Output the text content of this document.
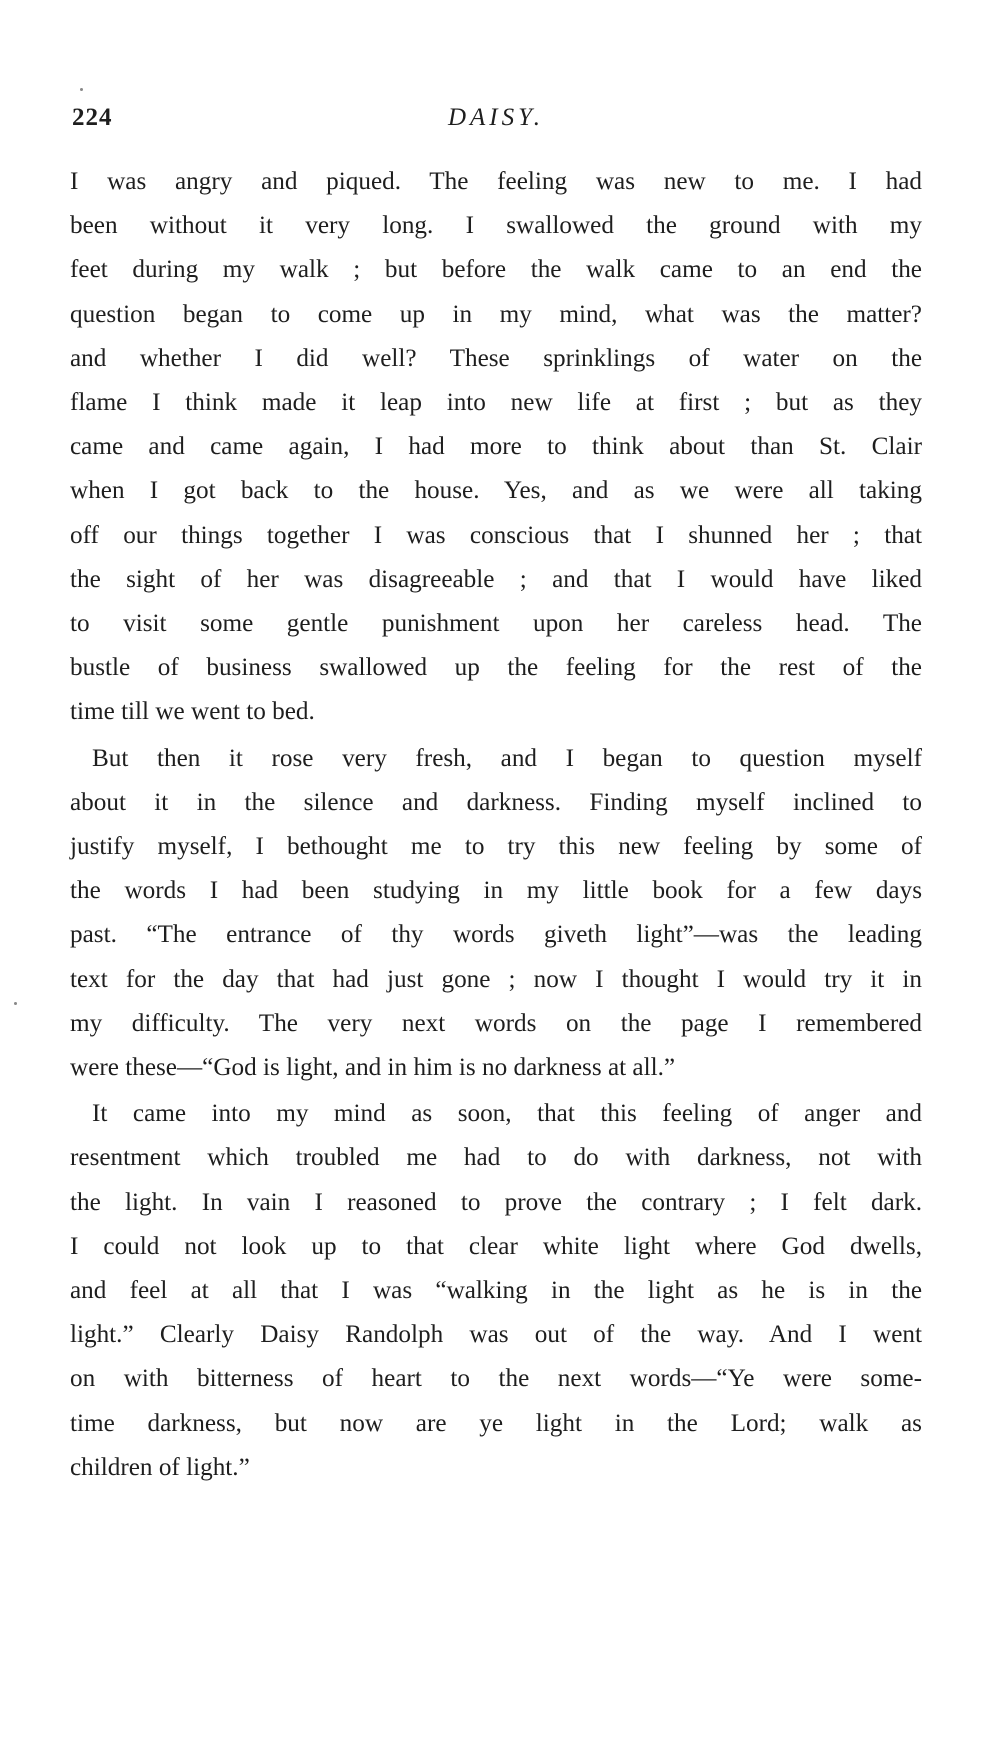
224	DAISY.

I was angry and piqued. The feeling was new to me. I had
been without it very long. I swallowed the ground with my
feet during my walk ; but before the walk came to an end the
question began to come up in my mind, what was the matter?
and whether I did well? These sprinklings of water on the
flame I think made it leap into new life at first ; but as they
came and came again, I had more to think about than St. Clair
when I got back to the house. Yes, and as we were all taking
off our things together I was conscious that I shunned her ; that
the sight of her was disagreeable ; and that I would have liked
to visit some gentle punishment upon her careless head. The
bustle of business swallowed up the feeling for the rest of the
time till we went to bed.

But then it rose very fresh, and I began to question myself
about it in the silence and darkness. Finding myself inclined to
justify myself, I bethought me to try this new feeling by some of
the words I had been studying in my little book for a few days
past. “The entrance of thy words giveth light”—was the leading
text for the day that had just gone ; now I thought I would try it in
my difficulty. The very next words on the page I remembered
were these—“God is light, and in him is no darkness at all.”

It came into my mind as soon, that this feeling of anger and
resentment which troubled me had to do with darkness, not with
the light. In vain I reasoned to prove the contrary ; I felt dark.
I could not look up to that clear white light where God dwells,
and feel at all that I was “walking in the light as he is in the
light.” Clearly Daisy Randolph was out of the way. And I went
on with bitterness of heart to the next words—“Ye were some-
time darkness, but now are ye light in the Lord; walk as
children of light.”
